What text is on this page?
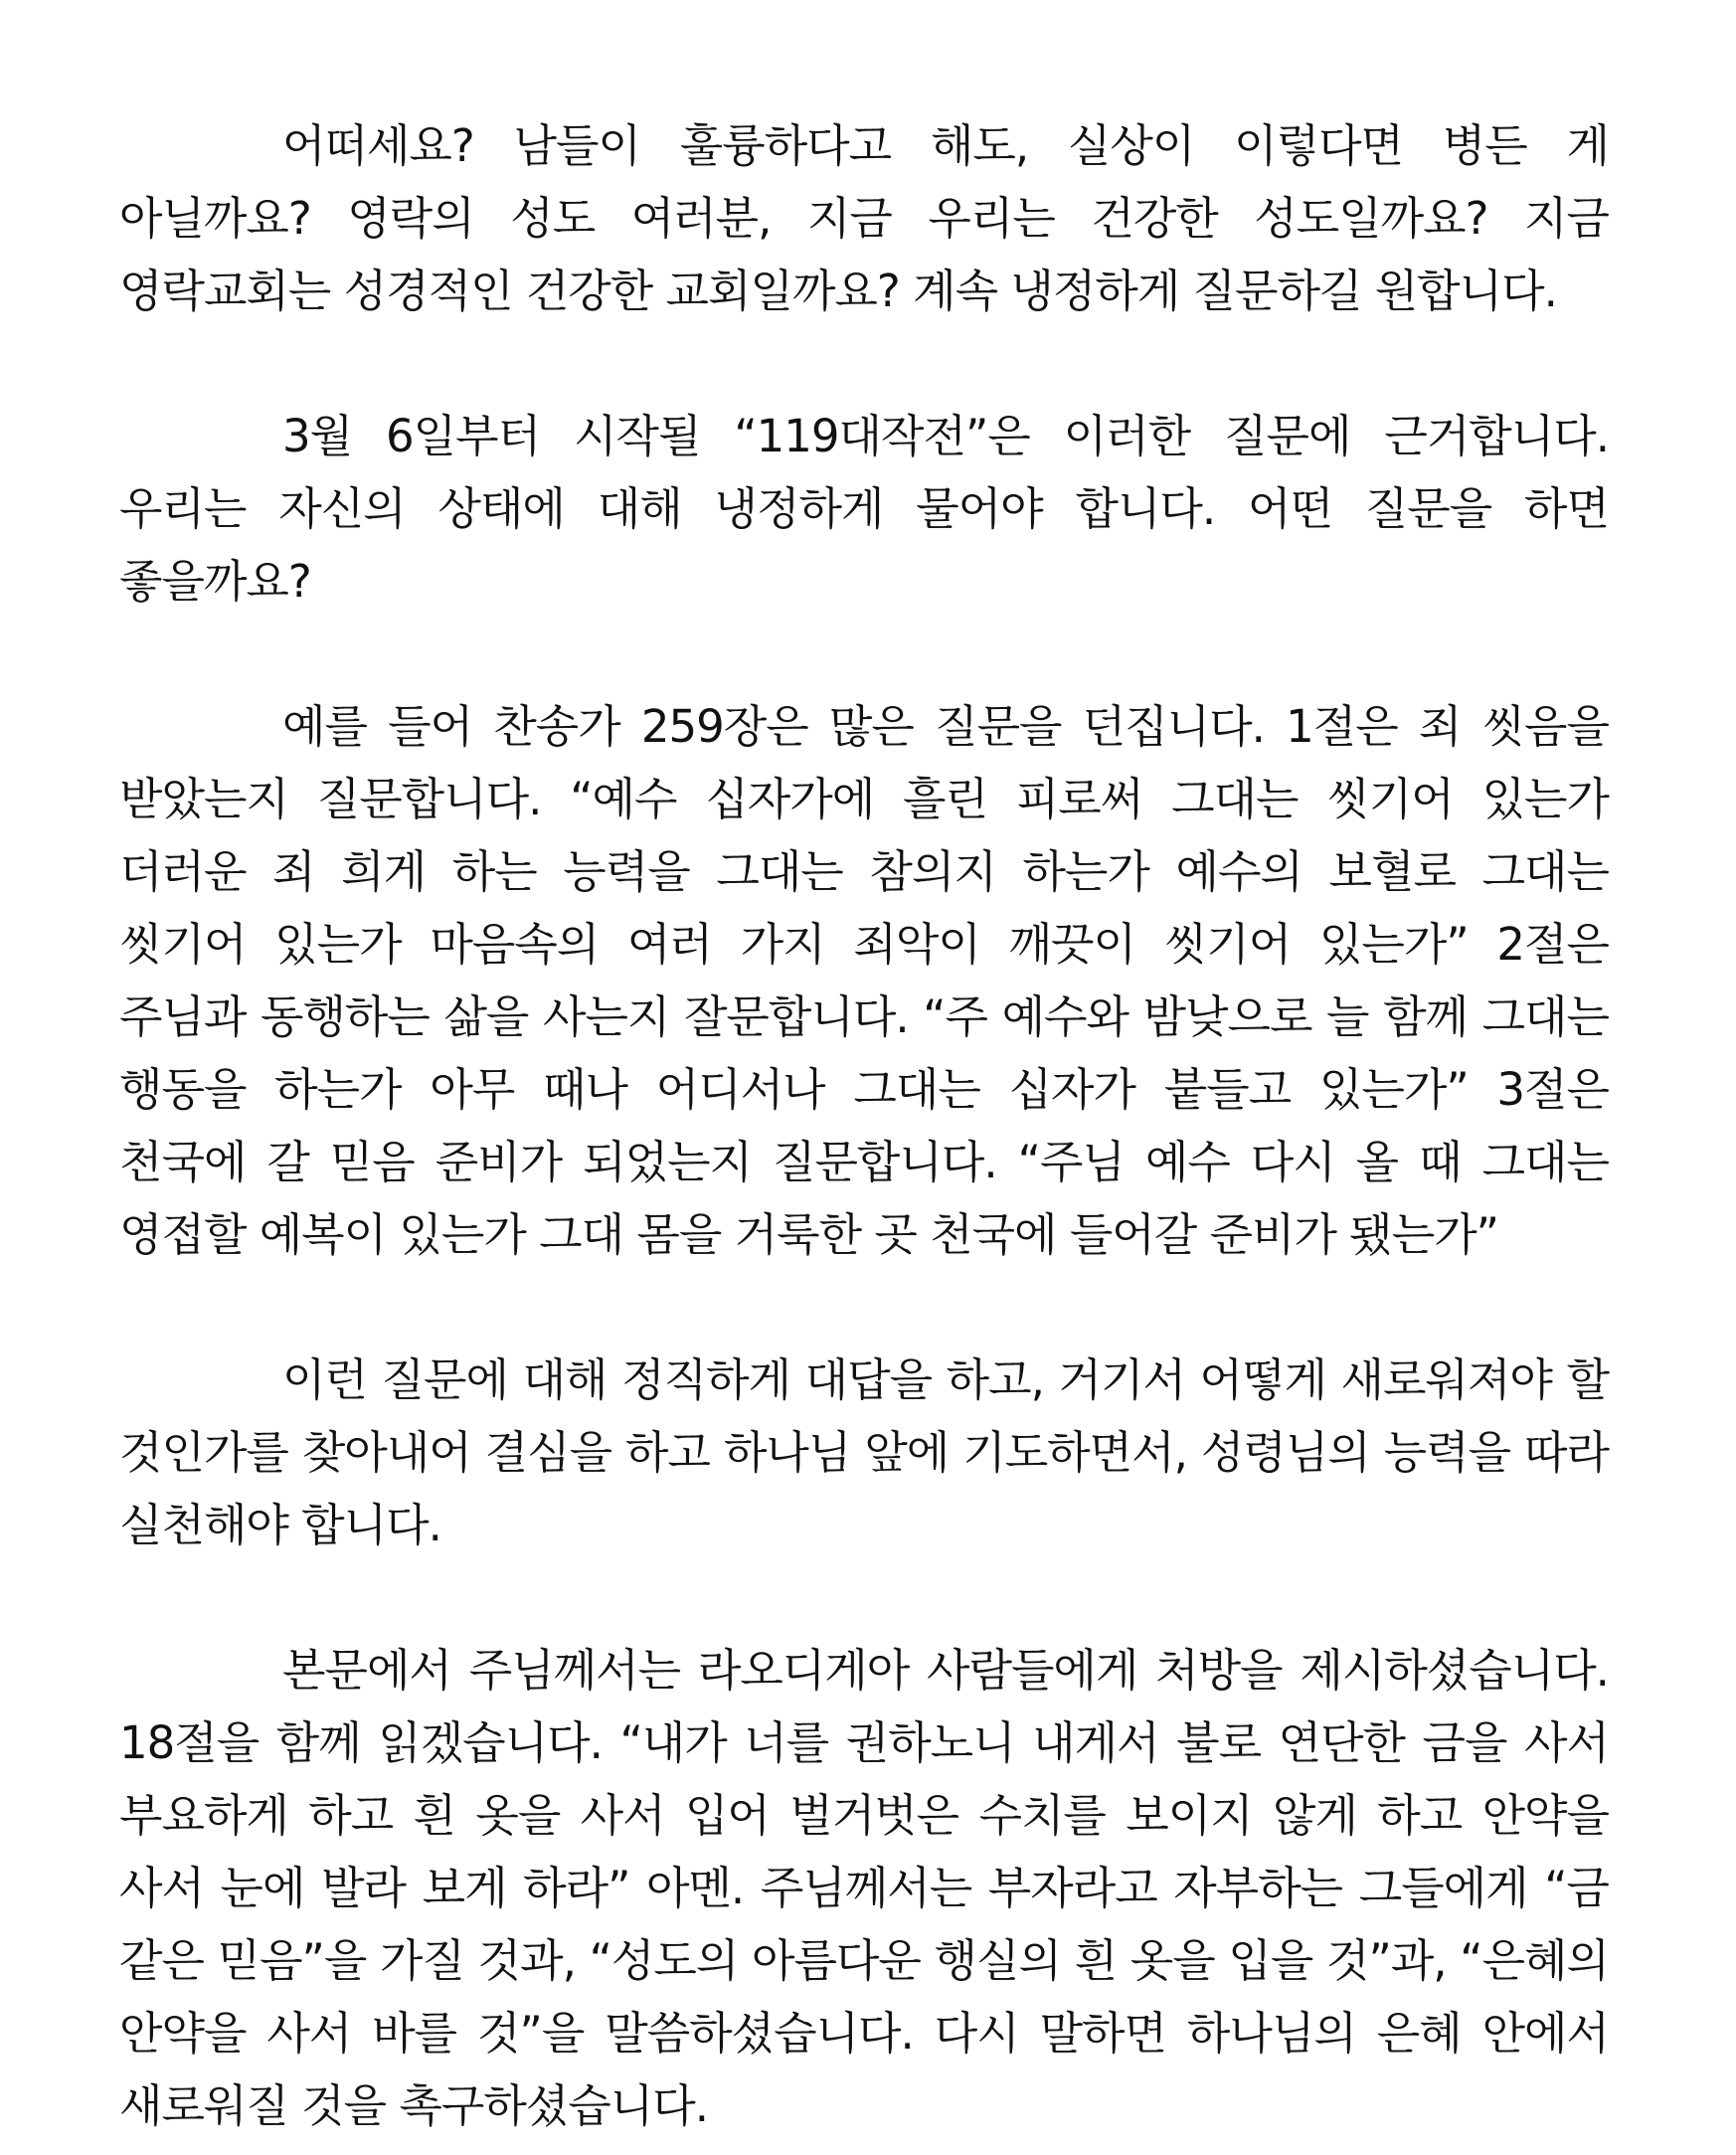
어떠세요? 남들이 훌륭하다고 해도, 실상이 이렇다면 병든 게 아닐까요? 영락의 성도 여러분, 지금 우리는 건강한 성도일까요? 지금 영락교회는 성경적인 건강한 교회일까요? 계속 냉정하게 질문하길 원합니다.

3월 6일부터 시작될 “119대작전”은 이러한 질문에 근거합니다. 우리는 자신의 상태에 대해 냉정하게 물어야 합니다. 어떤 질문을 하면 좋을까요?

예를 들어 찬송가 259장은 많은 질문을 던집니다. 1절은 죄 씻음을 받았는지 질문합니다. “예수 십자가에 흘린 피로써 그대는 씻기어 있는가 더러운 죄 희게 하는 능력을 그대는 참의지 하는가 예수의 보혈로 그대는 씻기어 있는가 마음속의 여러 가지 죄악이 깨끗이 씻기어 있는가” 2절은 주님과 동행하는 삶을 사는지 잘문합니다. “주 예수와 밤낮으로 늘 함께 그대는 행동을 하는가 아무 때나 어디서나 그대는 십자가 붙들고 있는가” 3절은 천국에 갈 믿음 준비가 되었는지 질문합니다. “주님 예수 다시 올 때 그대는 영접할 예복이 있는가 그대 몸을 거룩한 곳 천국에 들어갈 준비가 됐는가”

이런 질문에 대해 정직하게 대답을 하고, 거기서 어떻게 새로워져야 할 것인가를 찾아내어 결심을 하고 하나님 앞에 기도하면서, 성령님의 능력을 따라 실천해야 합니다.

본문에서 주님께서는 라오디게아 사람들에게 처방을 제시하셨습니다. 18절을 함께 읽겠습니다. “내가 너를 권하노니 내게서 불로 연단한 금을 사서 부요하게 하고 흰 옷을 사서 입어 벌거벗은 수치를 보이지 않게 하고 안약을 사서 눈에 발라 보게 하라” 아멘. 주님께서는 부자라고 자부하는 그들에게 “금 같은 믿음”을 가질 것과, “성도의 아름다운 행실의 흰 옷을 입을 것”과, “은혜의 안약을 사서 바를 것”을 말씀하셨습니다. 다시 말하면 하나님의 은혜 안에서 새로워질 것을 촉구하셨습니다.
